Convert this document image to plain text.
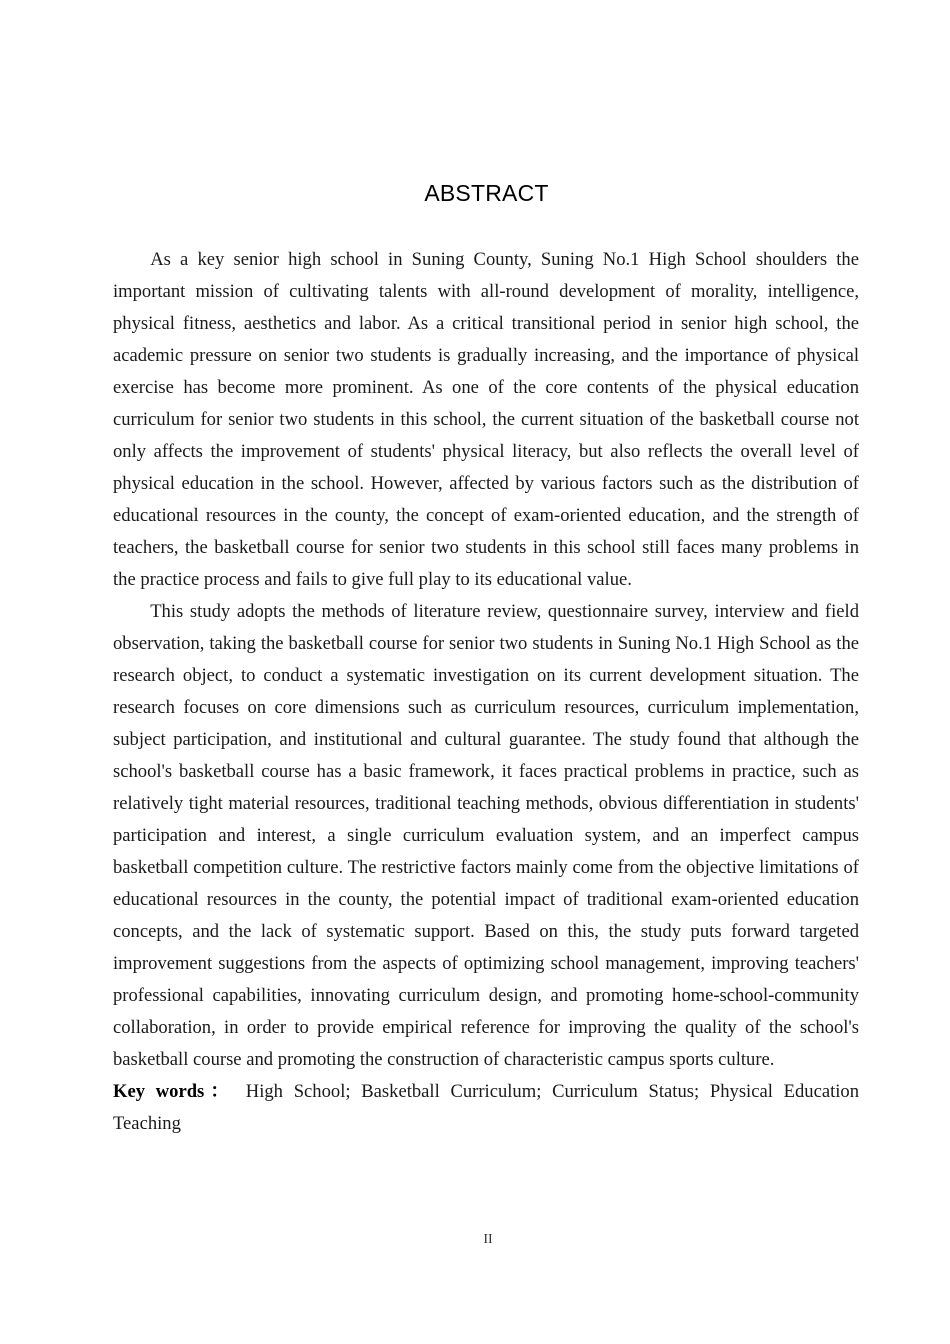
ABSTRACT

As a key senior high school in Suning County, Suning No.1 High School shoulders the important mission of cultivating talents with all-round development of morality, intelligence, physical fitness, aesthetics and labor. As a critical transitional period in senior high school, the academic pressure on senior two students is gradually increasing, and the importance of physical exercise has become more prominent. As one of the core contents of the physical education curriculum for senior two students in this school, the current situation of the basketball course not only affects the improvement of students' physical literacy, but also reflects the overall level of physical education in the school. However, affected by various factors such as the distribution of educational resources in the county, the concept of exam-oriented education, and the strength of teachers, the basketball course for senior two students in this school still faces many problems in the practice process and fails to give full play to its educational value.

This study adopts the methods of literature review, questionnaire survey, interview and field observation, taking the basketball course for senior two students in Suning No.1 High School as the research object, to conduct a systematic investigation on its current development situation. The research focuses on core dimensions such as curriculum resources, curriculum implementation, subject participation, and institutional and cultural guarantee. The study found that although the school's basketball course has a basic framework, it faces practical problems in practice, such as relatively tight material resources, traditional teaching methods, obvious differentiation in students' participation and interest, a single curriculum evaluation system, and an imperfect campus basketball competition culture. The restrictive factors mainly come from the objective limitations of educational resources in the county, the potential impact of traditional exam-oriented education concepts, and the lack of systematic support. Based on this, the study puts forward targeted improvement suggestions from the aspects of optimizing school management, improving teachers' professional capabilities, innovating curriculum design, and promoting home-school-community collaboration, in order to provide empirical reference for improving the quality of the school's basketball course and promoting the construction of characteristic campus sports culture.

Key words： High School; Basketball Curriculum; Curriculum Status; Physical Education Teaching

II
